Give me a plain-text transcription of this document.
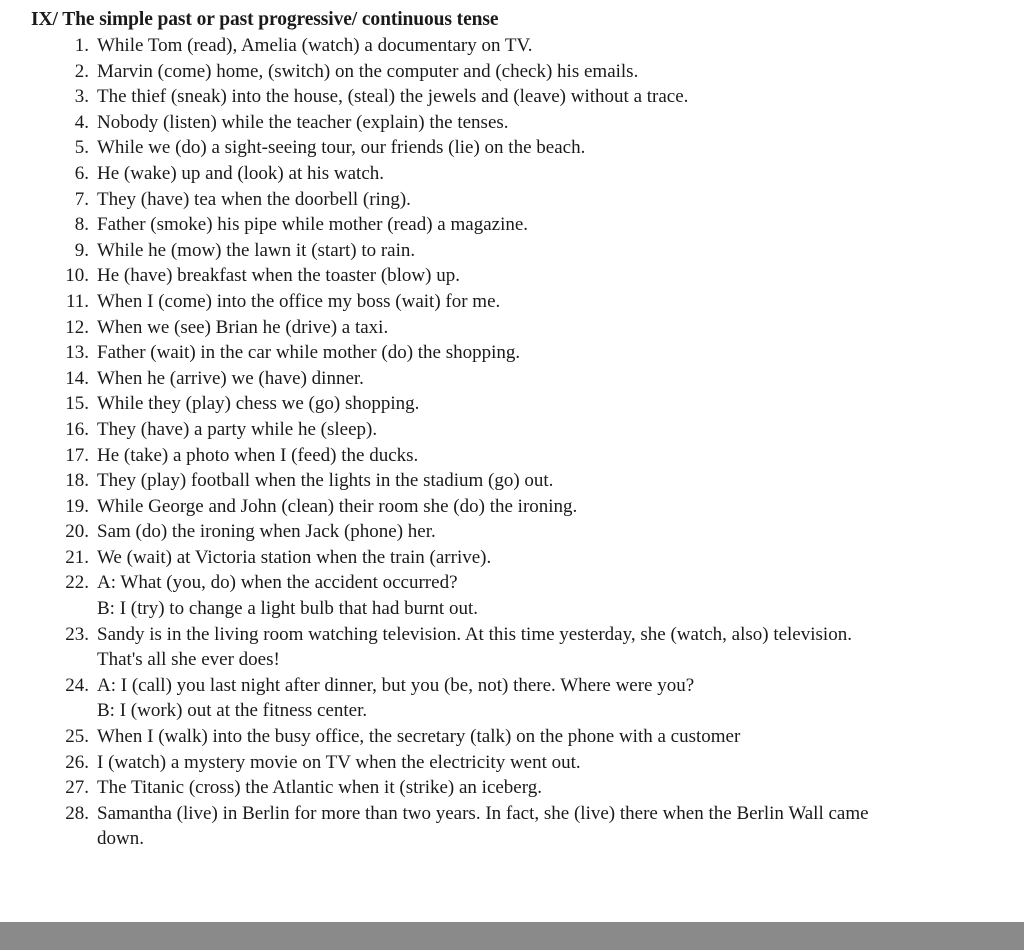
IX/ The simple past or past progressive/ continuous tense
1. While Tom (read), Amelia (watch) a documentary on TV.
2. Marvin (come) home, (switch) on the computer and (check) his emails.
3. The thief (sneak) into the house, (steal) the jewels and (leave) without a trace.
4. Nobody (listen) while the teacher (explain) the tenses.
5. While we (do) a sight-seeing tour, our friends (lie) on the beach.
6. He (wake) up and (look) at his watch.
7. They (have) tea when the doorbell (ring).
8. Father (smoke) his pipe while mother (read) a magazine.
9. While he (mow) the lawn it (start) to rain.
10. He (have) breakfast when the toaster (blow) up.
11. When I (come) into the office my boss (wait) for me.
12. When we (see) Brian he (drive) a taxi.
13. Father (wait) in the car while mother (do) the shopping.
14. When he (arrive) we (have) dinner.
15. While they (play) chess we (go) shopping.
16. They (have) a party while he (sleep).
17. He (take) a photo when I (feed) the ducks.
18. They (play) football when the lights in the stadium (go) out.
19. While George and John (clean) their room she (do) the ironing.
20. Sam (do) the ironing when Jack (phone) her.
21. We (wait) at Victoria station when the train (arrive).
22. A: What (you, do) when the accident occurred?
B: I (try) to change a light bulb that had burnt out.
23. Sandy is in the living room watching television. At this time yesterday, she (watch, also) television.
That's all she ever does!
24. A: I (call) you last night after dinner, but you (be, not) there. Where were you?
B: I (work) out at the fitness center.
25. When I (walk) into the busy office, the secretary (talk) on the phone with a customer
26. I (watch) a mystery movie on TV when the electricity went out.
27. The Titanic (cross) the Atlantic when it (strike) an iceberg.
28. Samantha (live) in Berlin for more than two years. In fact, she (live) there when the Berlin Wall came
down.
